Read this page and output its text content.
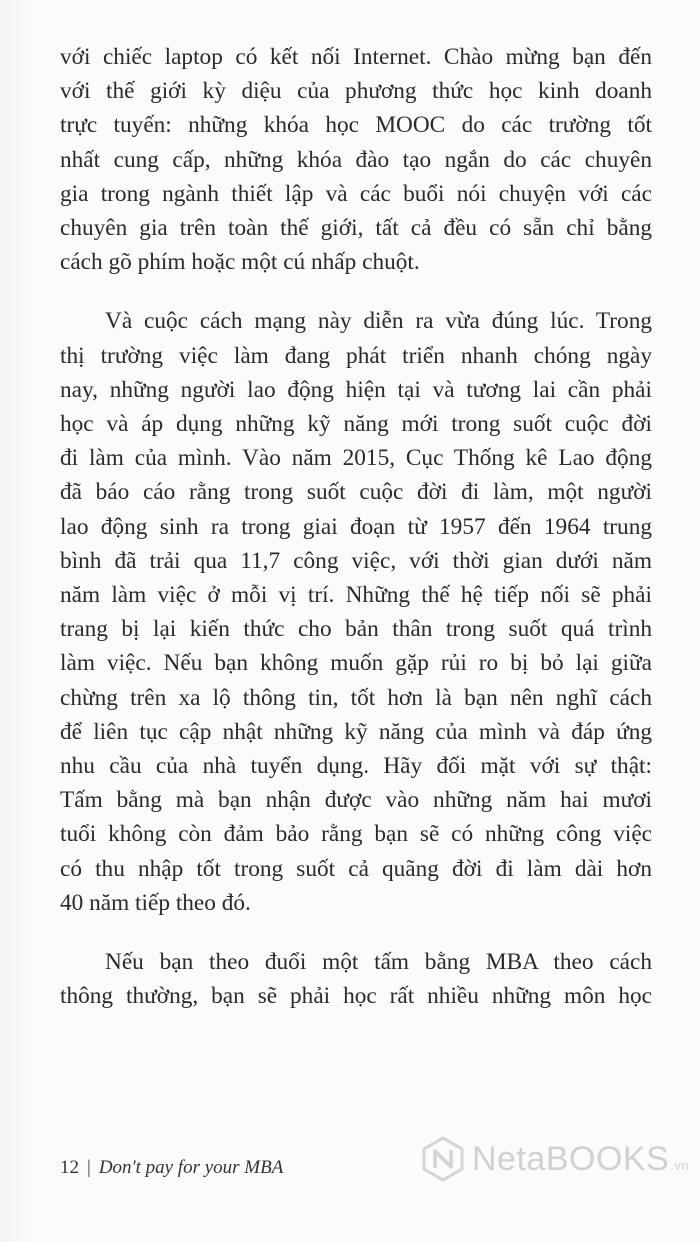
với chiếc laptop có kết nối Internet. Chào mừng bạn đến
với thế giới kỳ diệu của phương thức học kinh doanh
trực tuyến: những khóa học MOOC do các trường tốt
nhất cung cấp, những khóa đào tạo ngắn do các chuyên
gia trong ngành thiết lập và các buổi nói chuyện với các
chuyên gia trên toàn thế giới, tất cả đều có sẵn chỉ bằng
cách gõ phím hoặc một cú nhấp chuột.

Và cuộc cách mạng này diễn ra vừa đúng lúc. Trong
thị trường việc làm đang phát triển nhanh chóng ngày
nay, những người lao động hiện tại và tương lai cần phải
học và áp dụng những kỹ năng mới trong suốt cuộc đời
đi làm của mình. Vào năm 2015, Cục Thống kê Lao động
đã báo cáo rằng trong suốt cuộc đời đi làm, một người
lao động sinh ra trong giai đoạn từ 1957 đến 1964 trung
bình đã trải qua 11,7 công việc, với thời gian dưới năm
năm làm việc ở mỗi vị trí. Những thế hệ tiếp nối sẽ phải
trang bị lại kiến thức cho bản thân trong suốt quá trình
làm việc. Nếu bạn không muốn gặp rủi ro bị bỏ lại giữa
chừng trên xa lộ thông tin, tốt hơn là bạn nên nghĩ cách
để liên tục cập nhật những kỹ năng của mình và đáp ứng
nhu cầu của nhà tuyển dụng. Hãy đối mặt với sự thật:
Tấm bằng mà bạn nhận được vào những năm hai mươi
tuổi không còn đảm bảo rằng bạn sẽ có những công việc
có thu nhập tốt trong suốt cả quãng đời đi làm dài hơn
40 năm tiếp theo đó.

Nếu bạn theo đuổi một tấm bằng MBA theo cách
thông thường, bạn sẽ phải học rất nhiều những môn học

12 | Don't pay for your MBA	NetaBOOKS.vn
